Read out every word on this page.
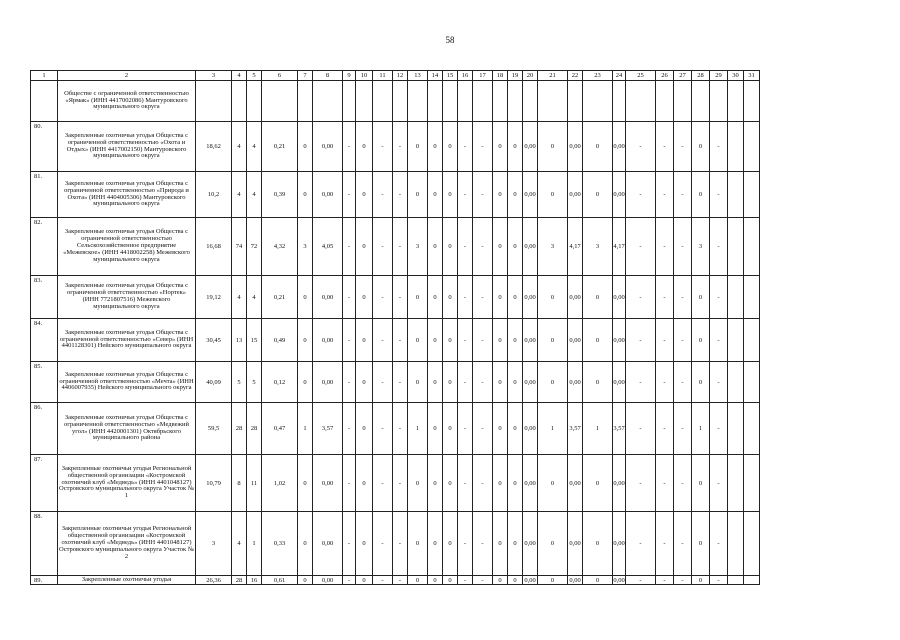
58
1	2	3	4	5	6	7	8	9	10	11	12	13	14	15	16	17	18	19	20	21	22	23	24	25	26	27	28	29	30	31
	Обществе с ограниченной ответственностью «Ярмак» (ИНН 4417002086) Мантуровского муниципального округа																													
80.	Закрепленные охотничьи угодья Общества с ограниченной ответственностью «Охота и Отдых» (ИНН 4417002150) Мантуровского муниципального округа	18,62	4	4	0,21	0	0,00	-	0	-	-	0	0	0	-	-	0	0	0,00	0	0,00	0	0,00	-	-	-	0	-		
81.	Закрепленные охотничьи угодья Общества с ограниченной ответственностью «Природа и Охота» (ИНН 4404005306) Мантуровского муниципального округа	10,2	4	4	0,39	0	0,00	-	0	-	-	0	0	0	-	-	0	0	0,00	0	0,00	0	0,00	-	-	-	0	-		
82.	Закрепленные охотничьи угодья Общества с ограниченной ответственностью Сельскохозяйственное предприятие «Межевское» (ИНН 4418002258) Межевского муниципального округа	16,68	74	72	4,32	3	4,05	-	0	-	-	3	0	0	-	-	0	0	0,00	3	4,17	3	4,17	-	-	-	3	-		
83.	Закрепленные охотничьи угодья Общества с ограниченной ответственностью «Нортек» (ИНН 7721807516) Межевского муниципального округа	19,12	4	4	0,21	0	0,00	-	0	-	-	0	0	0	-	-	0	0	0,00	0	0,00	0	0,00	-	-	-	0	-		
84.	Закрепленные охотничьи угодья Общества с ограниченной ответственностью «Север» (ИНН 4401128301) Нейского муниципального округа	30,45	13	15	0,49	0	0,00	-	0	-	-	0	0	0	-	-	0	0	0,00	0	0,00	0	0,00	-	-	-	0	-		
85.	Закрепленные охотничьи угодья Общества с ограниченной ответственностью «Мечта» (ИНН 4406007935) Нейского муниципального округа	40,09	5	5	0,12	0	0,00	-	0	-	-	0	0	0	-	-	0	0	0,00	0	0,00	0	0,00	-	-	-	0	-		
86.	Закрепленные охотничьи угодья Общества с ограниченной ответственностью «Медвежий угол» (ИНН 4420001301) Октябрьского муниципального района	59,5	28	28	0,47	1	3,57	-	0	-	-	1	0	0	-	-	0	0	0,00	1	3,57	1	3,57	-	-	-	1	-		
87.	Закрепленные охотничьи угодья Региональной общественной организации «Костромской охотничий клуб «Медведь» (ИНН 4401048127) Островского муниципального округа Участок № 1	10,79	8	11	1,02	0	0,00	-	0	-	-	0	0	0	-	-	0	0	0,00	0	0,00	0	0,00	-	-	-	0	-		
88.	Закрепленные охотничьи угодья Региональной общественной организации «Костромской охотничий клуб «Медведь» (ИНН 4401048127) Островского муниципального округа Участок № 2	3	4	1	0,33	0	0,00	-	0	-	-	0	0	0	-	-	0	0	0,00	0	0,00	0	0,00	-	-	-	0	-		
89.	Закрепленные охотничьи угодья	26,36	28	16	0,61	0	0,00	-	0	-	-	0	0	0	-	-	0	0	0,00	0	0,00	0	0,00	-	-	-	0	-		
